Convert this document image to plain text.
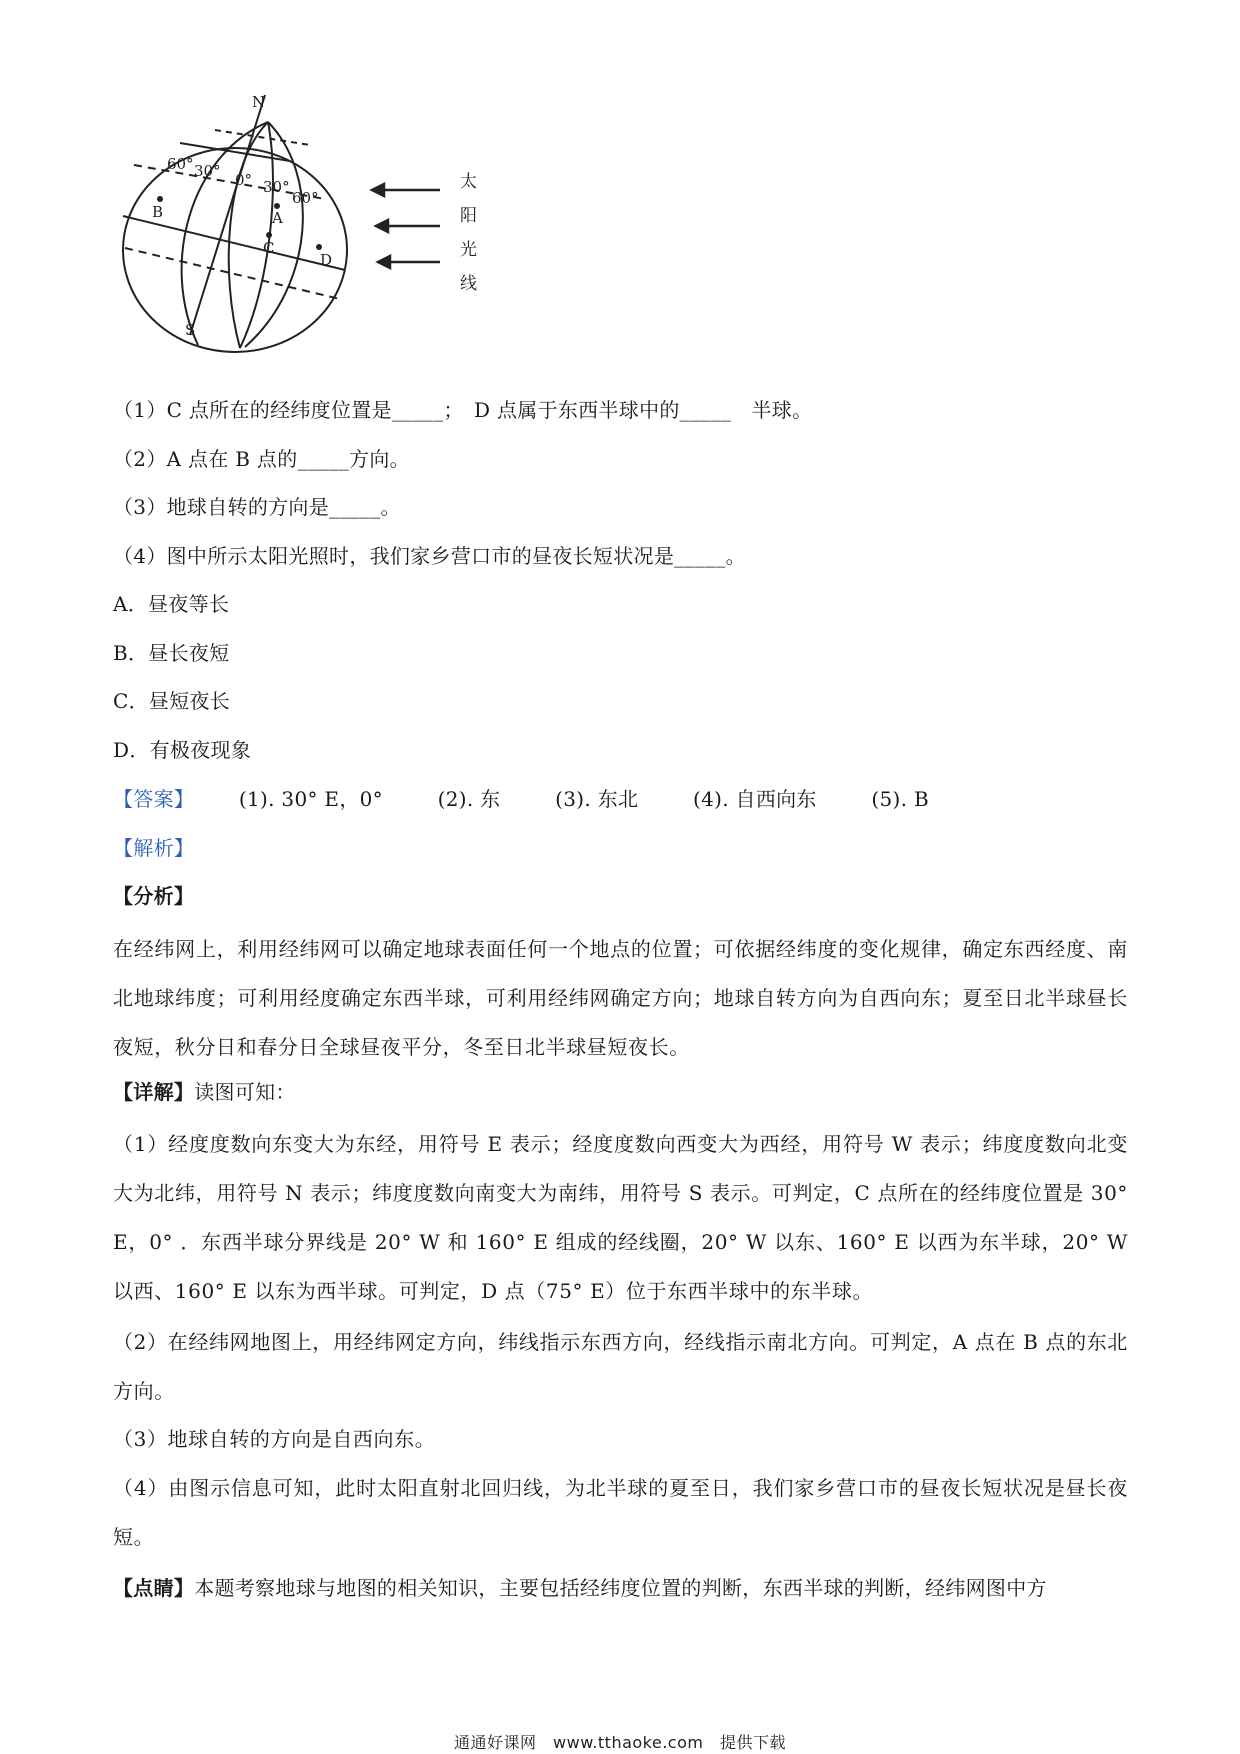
N
S
60° 30° 0° 30°
60°
A
B
C
D
太
阳
光
线
（1）C 点所在的经纬度位置是_____；　D 点属于东西半球中的_____　半球。
（2）A 点在 B 点的_____方向。
（3）地球自转的方向是_____。
（4）图中所示太阳光照时，我们家乡营口市的昼夜长短状况是_____。
A．昼夜等长
B．昼长夜短
C．昼短夜长
D．有极夜现象
【答案】 (1). 30° E，0°	(2). 东	(3). 东北	(4). 自西向东	(5). B
【解析】
【分析】
在经纬网上，利用经纬网可以确定地球表面任何一个地点的位置；可依据经纬度的变化规律，确定东西经度、南北地球纬度；可利用经度确定东西半球，可利用经纬网确定方向；地球自转方向为自西向东；夏至日北半球昼长夜短，秋分日和春分日全球昼夜平分，冬至日北半球昼短夜长。
【详解】读图可知：
（1）经度度数向东变大为东经，用符号 E 表示；经度度数向西变大为西经，用符号 W 表示；纬度度数向北变大为北纬，用符号 N 表示；纬度度数向南变大为南纬，用符号 S 表示。可判定，C 点所在的经纬度位置是 30° E，0° ．东西半球分界线是 20° W 和 160° E 组成的经线圈，20° W 以东、160° E 以西为东半球，20° W 以西、160° E 以东为西半球。可判定，D 点（75° E）位于东西半球中的东半球。
（2）在经纬网地图上，用经纬网定方向，纬线指示东西方向，经线指示南北方向。可判定，A 点在 B 点的东北方向。
（3）地球自转的方向是自西向东。
（4）由图示信息可知，此时太阳直射北回归线，为北半球的夏至日，我们家乡营口市的昼夜长短状况是昼长夜短。
【点睛】本题考察地球与地图的相关知识，主要包括经纬度位置的判断，东西半球的判断，经纬网图中方
通通好课网　www.tthaoke.com　提供下载
